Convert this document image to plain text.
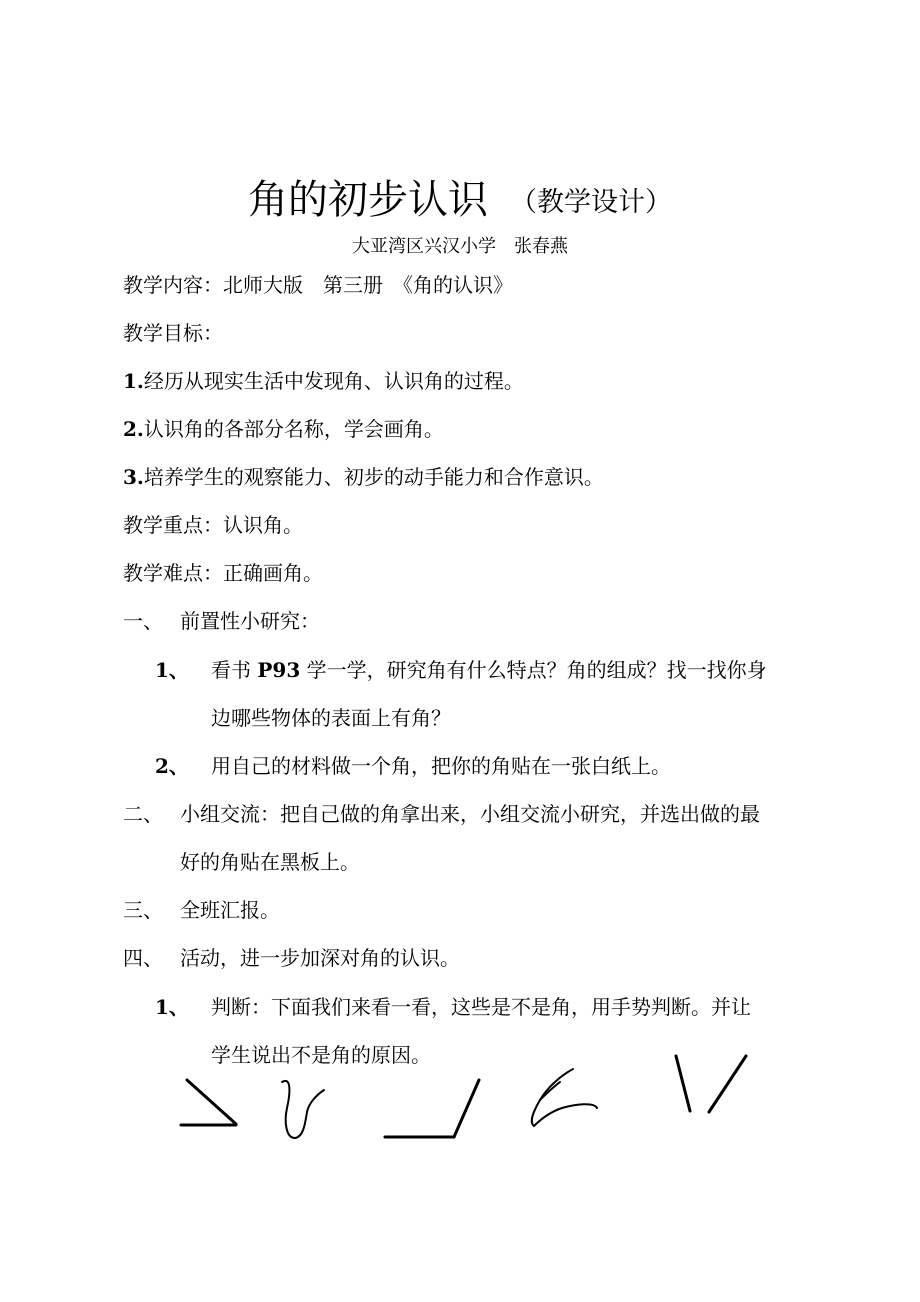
角的初步认识 （教学设计）
大亚湾区兴汉小学　张春燕
教学内容：北师大版　第三册　《角的认识》
教学目标：
1.经历从现实生活中发现角、认识角的过程。
2.认识角的各部分名称，学会画角。
3.培养学生的观察能力、初步的动手能力和合作意识。
教学重点：认识角。
教学难点：正确画角。
一、 前置性小研究：
1、 看书 P93 学一学，研究角有什么特点？角的组成？找一找你身
边哪些物体的表面上有角？
2、 用自己的材料做一个角，把你的角贴在一张白纸上。
二、 小组交流：把自己做的角拿出来，小组交流小研究，并选出做的最
好的角贴在黑板上。
三、 全班汇报。
四、 活动，进一步加深对角的认识。
1、 判断：下面我们来看一看，这些是不是角，用手势判断。并让
学生说出不是角的原因。
